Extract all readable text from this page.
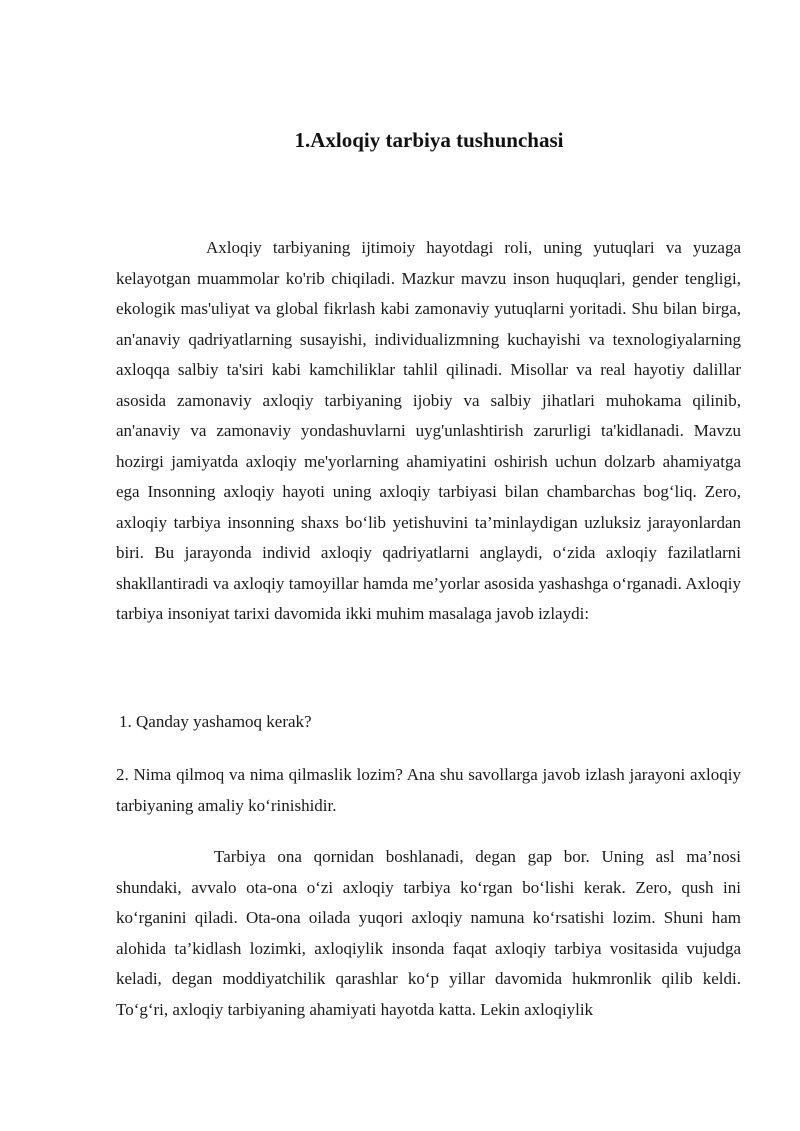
1.Axloqiy tarbiya tushunchasi

Axloqiy tarbiyaning ijtimoiy hayotdagi roli, uning yutuqlari va yuzaga kelayotgan muammolar ko'rib chiqiladi. Mazkur mavzu inson huquqlari, gender tengligi, ekologik mas'uliyat va global fikrlash kabi zamonaviy yutuqlarni yoritadi. Shu bilan birga, an'anaviy qadriyatlarning susayishi, individualizmning kuchayishi va texnologiyalarning axloqqa salbiy ta'siri kabi kamchiliklar tahlil qilinadi. Misollar va real hayotiy dalillar asosida zamonaviy axloqiy tarbiyaning ijobiy va salbiy jihatlari muhokama qilinib, an'anaviy va zamonaviy yondashuvlarni uyg'unlashtirish zarurligi ta'kidlanadi. Mavzu hozirgi jamiyatda axloqiy me'yorlarning ahamiyatini oshirish uchun dolzarb ahamiyatga ega Insonning axloqiy hayoti uning axloqiy tarbiyasi bilan chambarchas bog‘liq. Zero, axloqiy tarbiya insonning shaxs bo‘lib yetishuvini ta’minlaydigan uzluksiz jarayonlardan biri. Bu jarayonda individ axloqiy qadriyatlarni anglaydi, o‘zida axloqiy fazilatlarni shakllantiradi va axloqiy tamoyillar hamda me’yorlar asosida yashashga o‘rganadi. Axloqiy tarbiya insoniyat tarixi davomida ikki muhim masalaga javob izlaydi:

1. Qanday yashamoq kerak?

2. Nima qilmoq va nima qilmaslik lozim? Ana shu savollarga javob izlash jarayoni axloqiy tarbiyaning amaliy ko‘rinishidir.

Tarbiya ona qornidan boshlanadi, degan gap bor. Uning asl ma’nosi shundaki, avvalo ota-ona o‘zi axloqiy tarbiya ko‘rgan bo‘lishi kerak. Zero, qush ini ko‘rganini qiladi. Ota-ona oilada yuqori axloqiy namuna ko‘rsatishi lozim. Shuni ham alohida ta’kidlash lozimki, axloqiylik insonda faqat axloqiy tarbiya vositasida vujudga keladi, degan moddiyatchilik qarashlar ko‘p yillar davomida hukmronlik qilib keldi. To‘g‘ri, axloqiy tarbiyaning ahamiyati hayotda katta. Lekin axloqiylik
